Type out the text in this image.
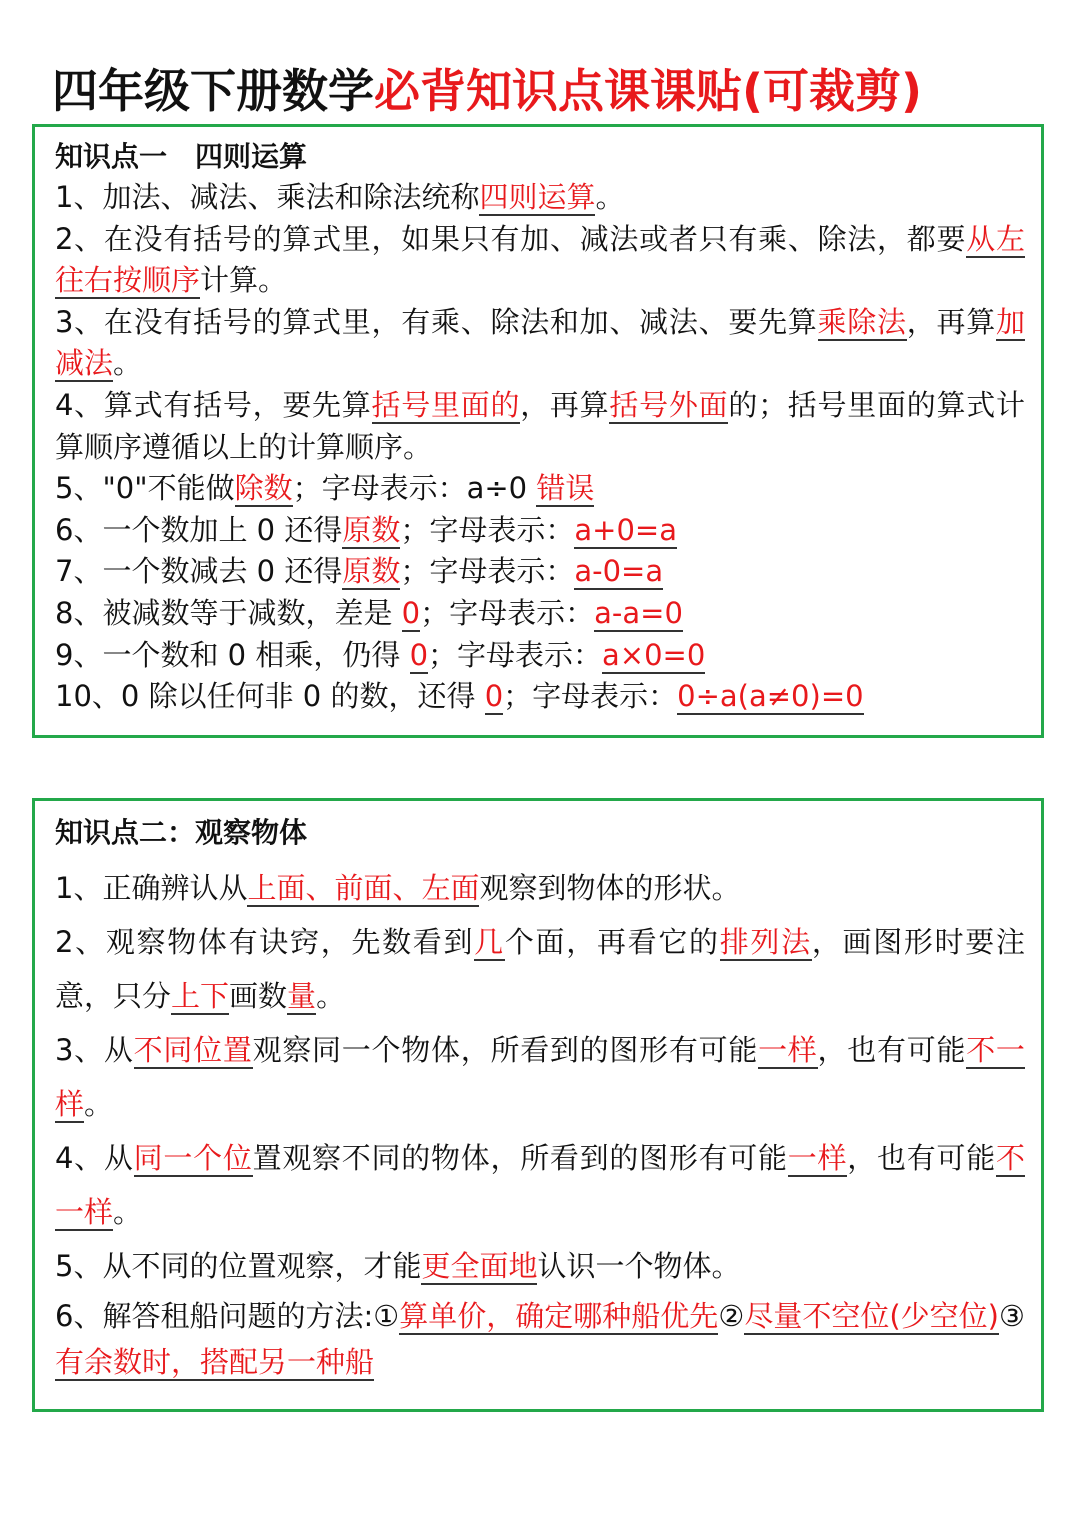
四年级下册数学必背知识点课课贴(可裁剪)
知识点一　四则运算
1、加法、减法、乘法和除法统称四则运算。
2、在没有括号的算式里，如果只有加、减法或者只有乘、除法，都要从左往右按顺序计算。
3、在没有括号的算式里，有乘、除法和加、减法、要先算乘除法，再算加减法。
4、算式有括号，要先算括号里面的，再算括号外面的；括号里面的算式计算顺序遵循以上的计算顺序。
5、"0"不能做除数；字母表示：a÷0 错误
6、一个数加上 0 还得原数；字母表示：a+0=a
7、一个数减去 0 还得原数；字母表示：a-0=a
8、被减数等于减数，差是 0；字母表示：a-a=0
9、一个数和 0 相乘，仍得 0；字母表示：a×0=0
10、0 除以任何非 0 的数，还得 0；字母表示：0÷a(a≠0)=0
知识点二：观察物体
1、正确辨认从上面、前面、左面观察到物体的形状。
2、观察物体有诀窍，先数看到几个面，再看它的排列法，画图形时要注意，只分上下画数量。
3、从不同位置观察同一个物体，所看到的图形有可能一样，也有可能不一样。
4、从同一个位置观察不同的物体，所看到的图形有可能一样，也有可能不一样。
5、从不同的位置观察，才能更全面地认识一个物体。
6、解答租船问题的方法:①算单价，确定哪种船优先②尽量不空位(少空位)③有余数时，搭配另一种船
